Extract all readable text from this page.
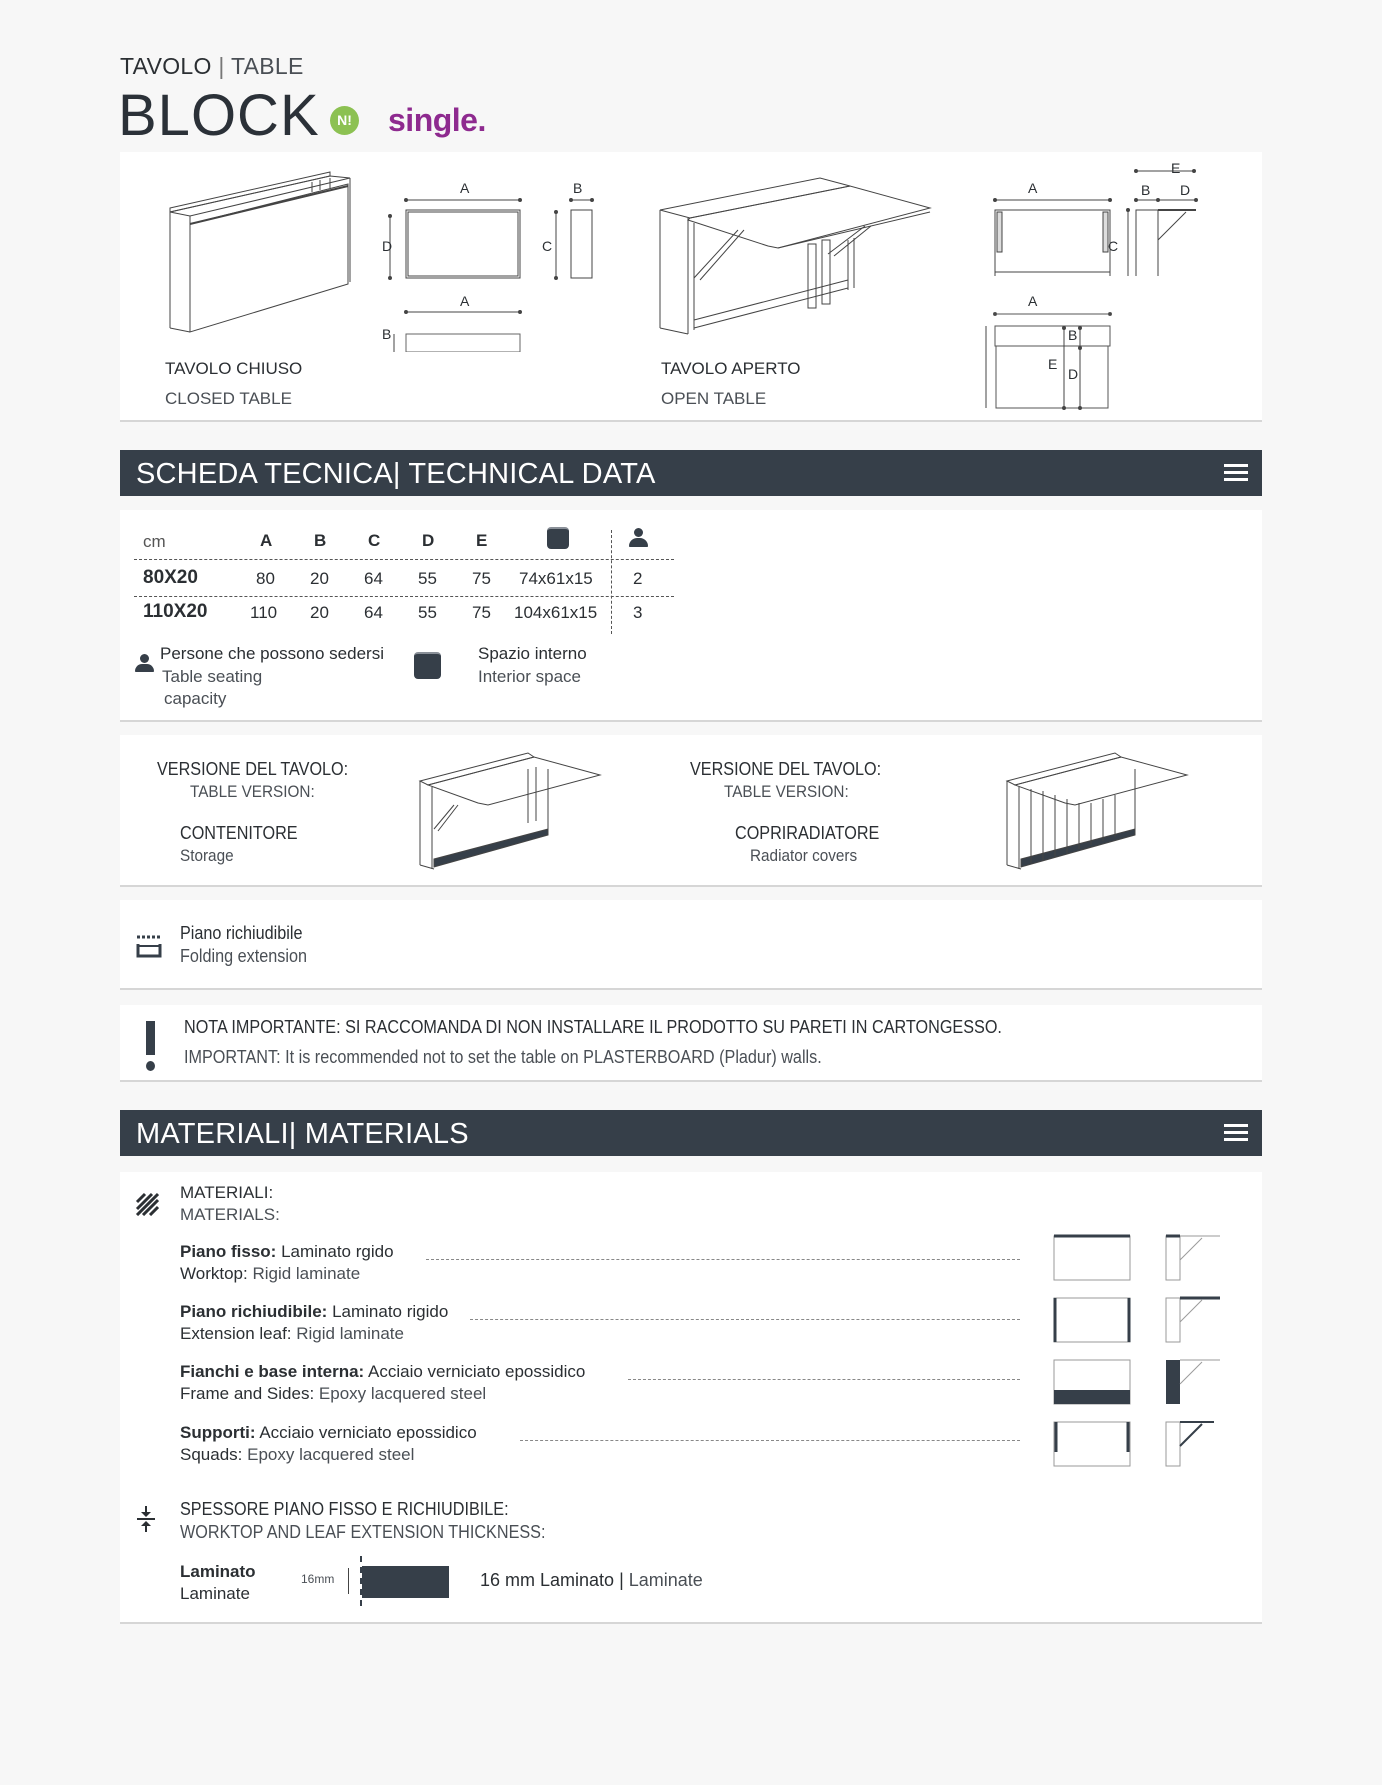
TAVOLO | TABLE
BLOCK	N! single.
A
D
B
C
A
B
TAVOLO CHIUSO
CLOSED TABLE
TAVOLO APERTO
OPEN TABLE
A
C
E
B D
A
B
E
D
SCHEDA TECNICA| TECHNICAL DATA
cm	A B C D E
80X20	80 20 64 55 75 74x61x15 2
110X20	110 20 64 55 75 104x61x15 3
Persone che possono sedersi
Table seating
capacity
Spazio interno
Interior space
VERSIONE DEL TAVOLO:
TABLE VERSION:
CONTENITORE
Storage
VERSIONE DEL TAVOLO:
TABLE VERSION:
COPRIRADIATORE
Radiator covers
Piano richiudibile
Folding extension
NOTA IMPORTANTE: SI RACCOMANDA DI NON INSTALLARE IL PRODOTTO SU PARETI IN CARTONGESSO.
IMPORTANT: It is recommended not to set the table on PLASTERBOARD (Pladur) walls.
MATERIALI| MATERIALS
MATERIALI:
MATERIALS:
Piano fisso: Laminato rgido
Worktop: Rigid laminate
Piano richiudibile: Laminato rigido
Extension leaf: Rigid laminate
Fianchi e base interna: Acciaio verniciato epossidico
Frame and Sides: Epoxy lacquered steel
Supporti: Acciaio verniciato epossidico
Squads: Epoxy lacquered steel
SPESSORE PIANO FISSO E RICHIUDIBILE:
WORKTOP AND LEAF EXTENSION THICKNESS:
Laminato
Laminate
16mm	16 mm Laminato | Laminate
